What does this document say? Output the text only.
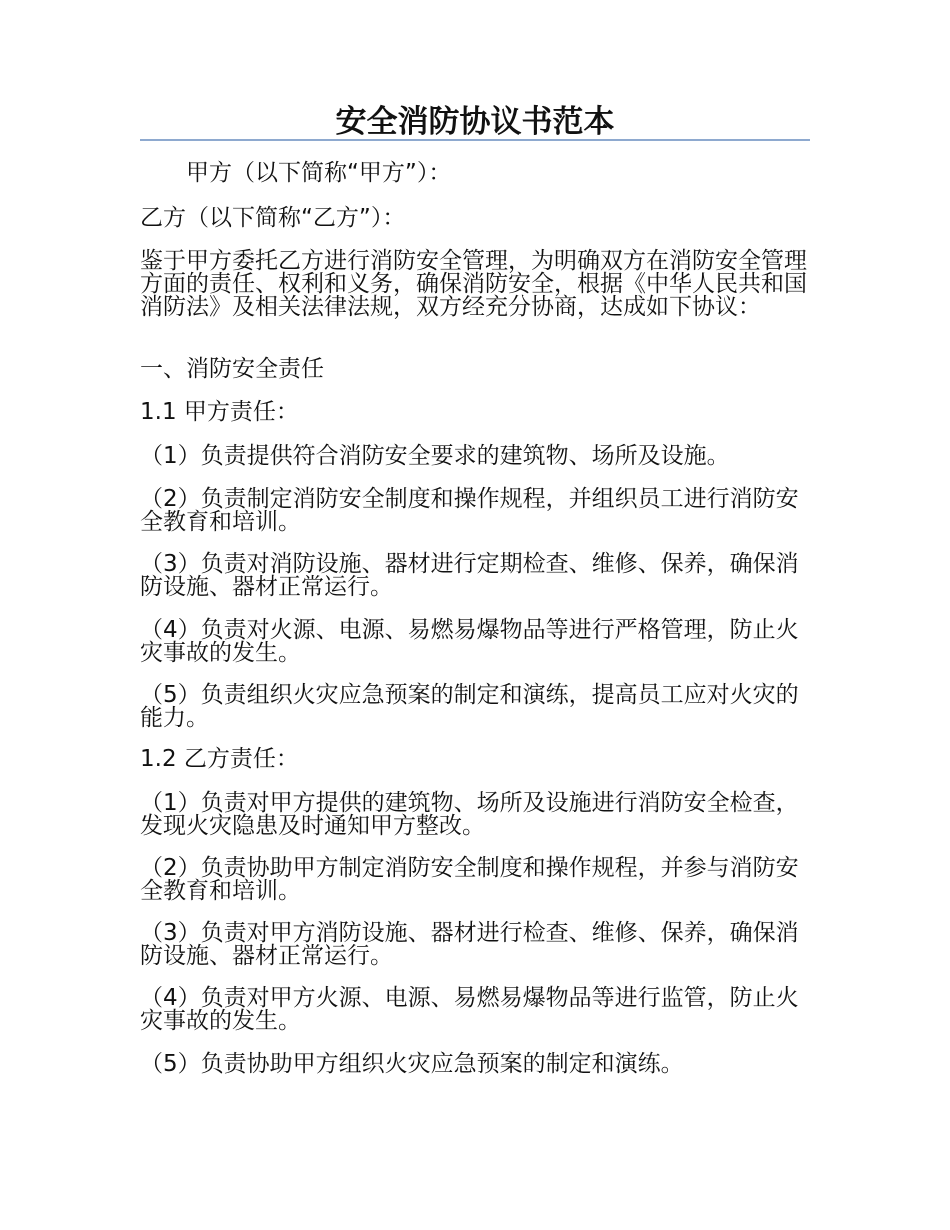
安全消防协议书范本

甲方（以下简称“甲方”）：

乙方（以下简称“乙方”）：

鉴于甲方委托乙方进行消防安全管理，为明确双方在消防安全管理方面的责任、权利和义务，确保消防安全，根据《中华人民共和国消防法》及相关法律法规，双方经充分协商，达成如下协议：

一、消防安全责任

1.1 甲方责任：

（1）负责提供符合消防安全要求的建筑物、场所及设施。

（2）负责制定消防安全制度和操作规程，并组织员工进行消防安全教育和培训。

（3）负责对消防设施、器材进行定期检查、维修、保养，确保消防设施、器材正常运行。

（4）负责对火源、电源、易燃易爆物品等进行严格管理，防止火灾事故的发生。

（5）负责组织火灾应急预案的制定和演练，提高员工应对火灾的能力。

1.2 乙方责任：

（1）负责对甲方提供的建筑物、场所及设施进行消防安全检查，发现火灾隐患及时通知甲方整改。

（2）负责协助甲方制定消防安全制度和操作规程，并参与消防安全教育和培训。

（3）负责对甲方消防设施、器材进行检查、维修、保养，确保消防设施、器材正常运行。

（4）负责对甲方火源、电源、易燃易爆物品等进行监管，防止火灾事故的发生。

（5）负责协助甲方组织火灾应急预案的制定和演练。
